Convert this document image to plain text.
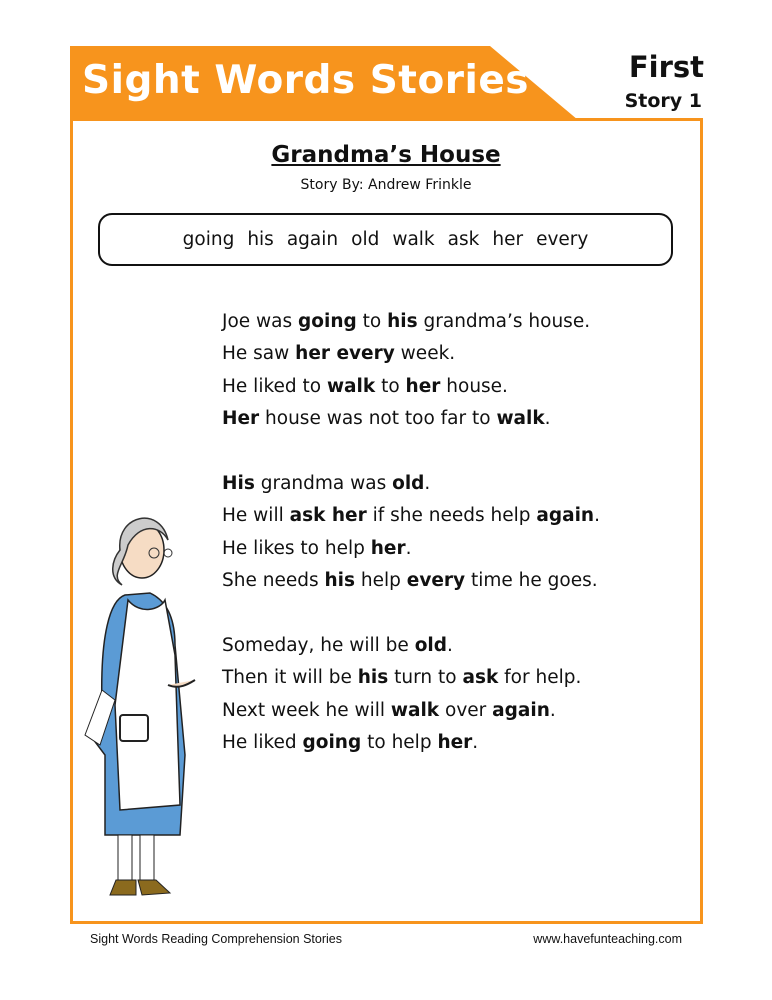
Sight Words Stories	First
Story 1
Grandma’s House
Story By: Andrew Frinkle
going his again old walk ask her every
Joe was going to his grandma’s house.
He saw her every week.
He liked to walk to her house.
Her house was not too far to walk.
His grandma was old.
He will ask her if she needs help again.
He likes to help her.
She needs his help every time he goes.
Someday, he will be old.
Then it will be his turn to ask for help.
Next week he will walk over again.
He liked going to help her.
Sight Words Reading Comprehension Stories	www.havefunteaching.com
